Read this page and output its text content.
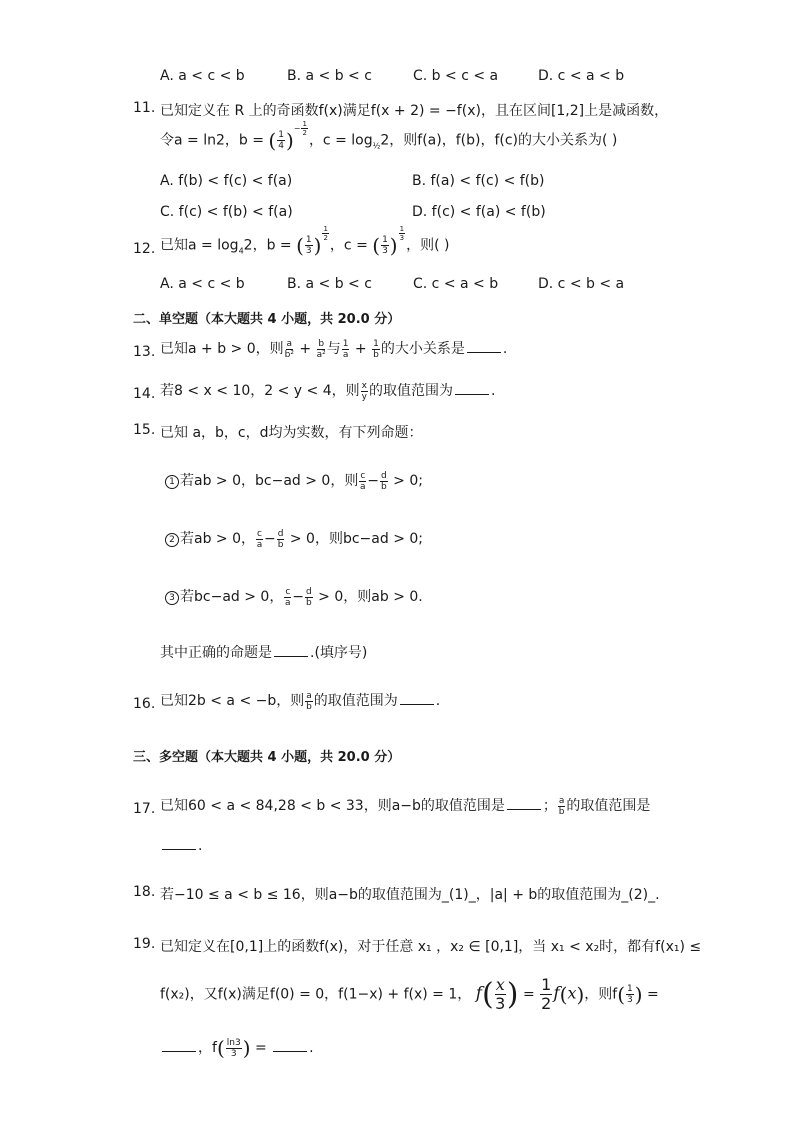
A. a < c < b	B. a < b < c	C. b < c < a	D. c < a < b
11. 已知定义在 R 上的奇函数f(x)满足f(x + 2) = −f(x)，且在区间[1,2]上是减函数，
令a = ln2，b = ( $\frac{1}{4} )^{- \frac{1}{2}}$
，$c = \log_{\frac{1}{2}}2$，则f(a)，f(b)，f(c)的大小关系为( )
A. f(b) < f(c) < f(a)	B. f(a) < f(c) < f(b)
C. f(c) < f(b) < f(a)	D. f(c) < f(a) < f(b)
12. 已知$a = \log_42$，b = ( $\frac{1}{3}$ )
$^{\frac{1}{2}}$
，c = ( $\frac{1}{3}$ )
$^{\frac{1}{3}}$
，则( )
A. a < c < b	B. a < b < c	C. c < a < b	D. c < b < a
二、单空题（本大题共 4 小题，共 20.0 分）
13. 已知a + b > 0，则 $\frac{a}{\text{b²}} + \frac{b}{\text{a²}}$ 与 $\frac{1}{a} + \frac{1}{b}$ 的大小关系是	.
14. 若8 < x < 10，2 < y < 4，则 $\frac{x}{y}$ 的取值范围为	.
15. 已知 a，b，c，d均为实数，有下列命题：
1 若ab > 0，bc−ad > 0，则 $\frac{c}{a} - \frac{d}{b} > 0$;
2 若ab > 0， $\frac{c}{a} - \frac{d}{b} > 0$，则bc−ad > 0;
3 若bc−ad > 0， $\frac{c}{a} - \frac{d}{b} > 0$，则ab > 0.
其中正确的命题是	.(填序号)
16. 已知2b < a < −b，则 $\frac{a}{b}$ 的取值范围为	.
三、多空题（本大题共 4 小题，共 20.0 分）
17. 已知60 < a < 84,28 < b < 33，则a−b的取值范围是	； $\frac{a}{b}$ 的取值范围是
.
18. 若−10 ≤ a < b ≤ 16，则a−b的取值范围为_(1)_，|a| + b的取值范围为_(2)_.
19. 已知定义在[0,1]上的函数f(x)，对于任意 x₁ ，x₂ ∈ [0,1]，当 x₁ < x₂时，都有f(x₁) ≤
f(x₂)，又f(x)满足f(0) = 0，f(1−x) + f(x) = 1， $f( \frac{x}{3}$ ) = $\frac{1}{2} f(x)$，则$f( \frac{1}{3}$ ) =
，$f( \frac{\ln 3}{3}$ ) =	.
